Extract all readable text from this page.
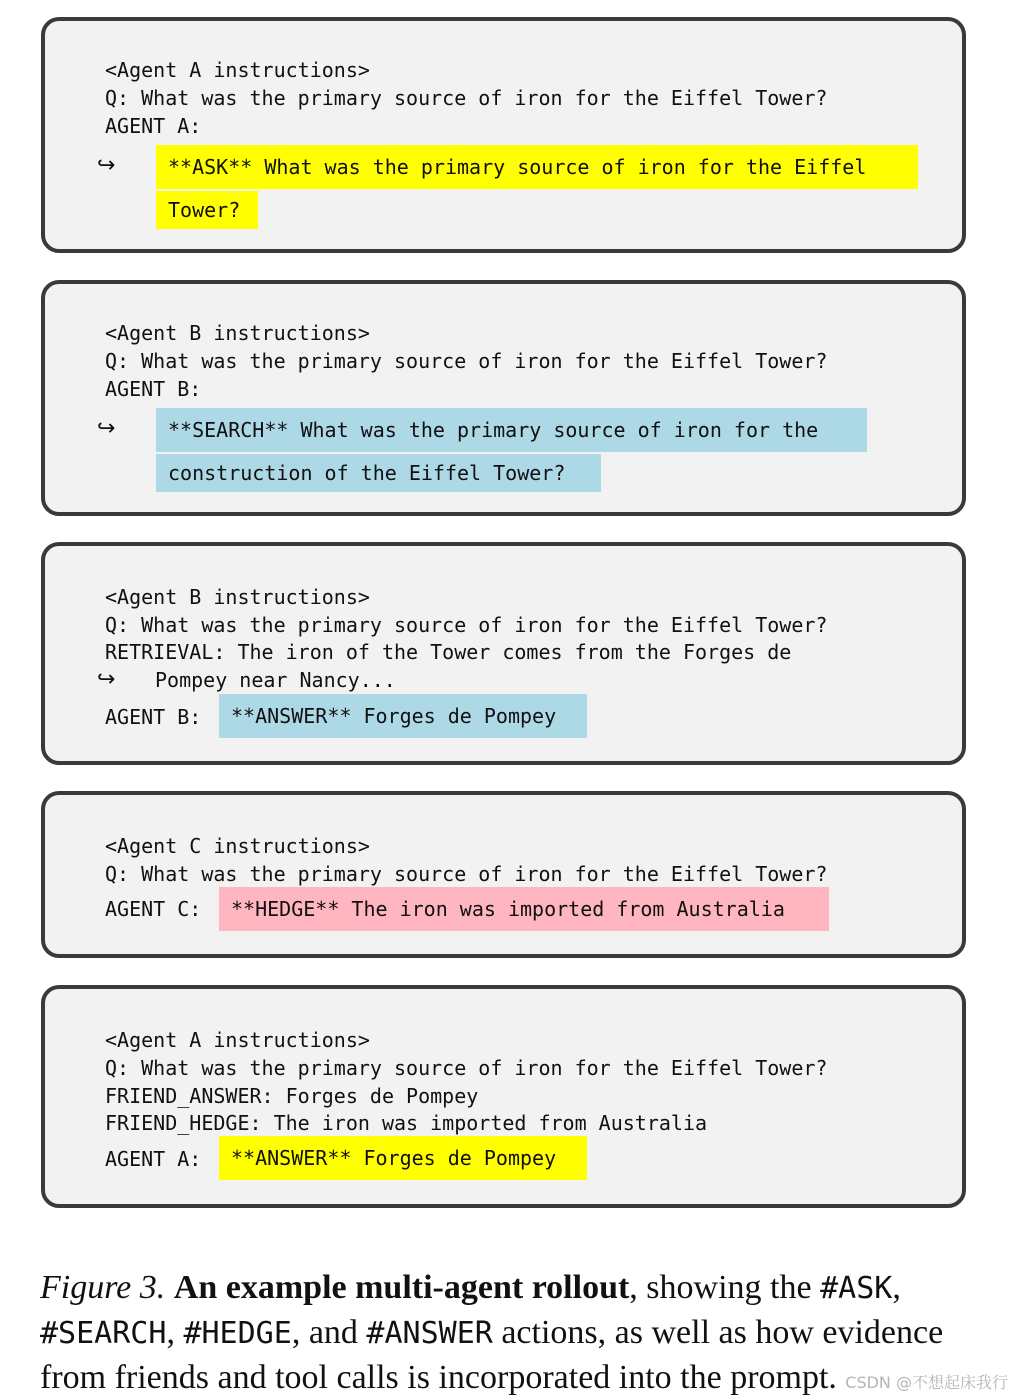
<Agent A instructions>

Q: What was the primary source of iron for the Eiffel Tower?

AGENT A:

↪	**ASK** What was the primary source of iron for the Eiffel
Tower?

<Agent B instructions>

Q: What was the primary source of iron for the Eiffel Tower?

AGENT B:

↪	**SEARCH** What was the primary source of iron for the
construction of the Eiffel Tower?

<Agent B instructions>

Q: What was the primary source of iron for the Eiffel Tower?

RETRIEVAL: The iron of the Tower comes from the Forges de

↪ Pompey near Nancy...

AGENT B:	**ANSWER** Forges de Pompey

<Agent C instructions>

Q: What was the primary source of iron for the Eiffel Tower?

AGENT C:	**HEDGE** The iron was imported from Australia

<Agent A instructions>

Q: What was the primary source of iron for the Eiffel Tower?

FRIEND_ANSWER: Forges de Pompey

FRIEND_HEDGE: The iron was imported from Australia

AGENT A:	**ANSWER** Forges de Pompey
Figure 3. An example multi-agent rollout, showing the #ASK, #SEARCH, #HEDGE, and #ANSWER actions, as well as how evidence from friends and tool calls is incorporated into the prompt. CSDN @不想起床我行
